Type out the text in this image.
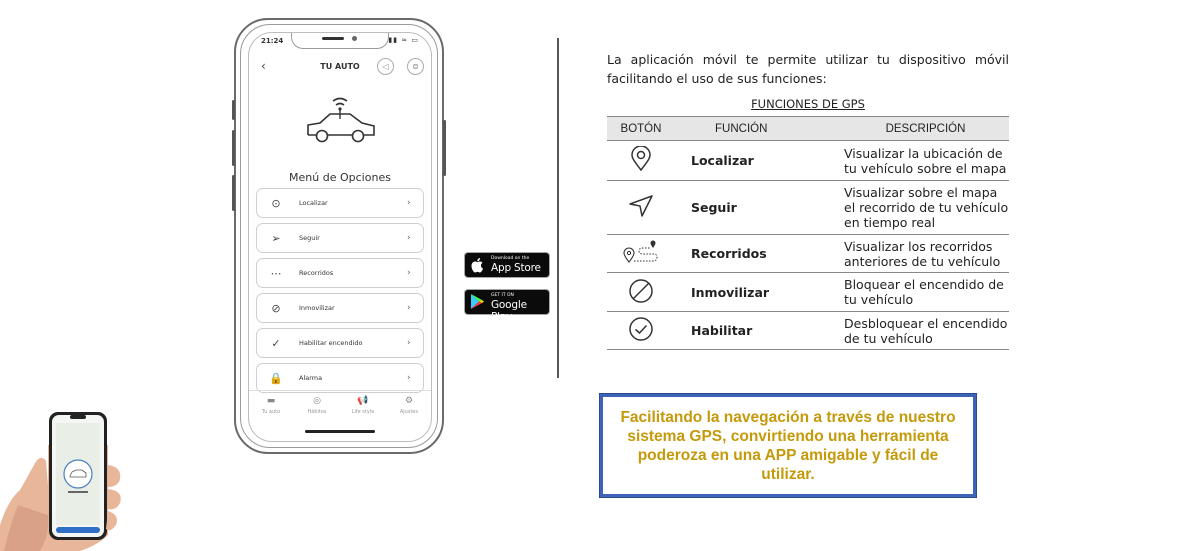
21:24	▮▮ ≈ ▭
‹	TU AUTO	◁	⊜
Menú de Opciones
⊙	Localizar	›
➢	Seguir	›
⋯	Recorridos	›
⊘	Inmovilizar	›
✓	Habilitar encendido	›
🔒	Alarma	›
▬
Tu auto
◎
Hábitos
📢
Life style
⚙
Ajustes
Download on the
App Store
GET IT ON
Google Play
La aplicación móvil te permite utilizar tu dispositivo móvil facilitando el uso de sus funciones:
FUNCIONES DE GPS
BOTÓN	FUNCIÓN	DESCRIPCIÓN
	Localizar	Visualizar la ubicación de tu vehículo sobre el mapa
	Seguir	Visualizar sobre el mapa el recorrido de tu vehículo en tiempo real
	Recorridos	Visualizar los recorridos anteriores de tu vehículo
	Inmovilizar	Bloquear el encendido de tu vehículo
	Habilitar	Desbloquear el encendido de tu vehículo
Facilitando la navegación a través de nuestro sistema GPS, convirtiendo una herramienta poderoza en una APP amigable y fácil de utilizar.
